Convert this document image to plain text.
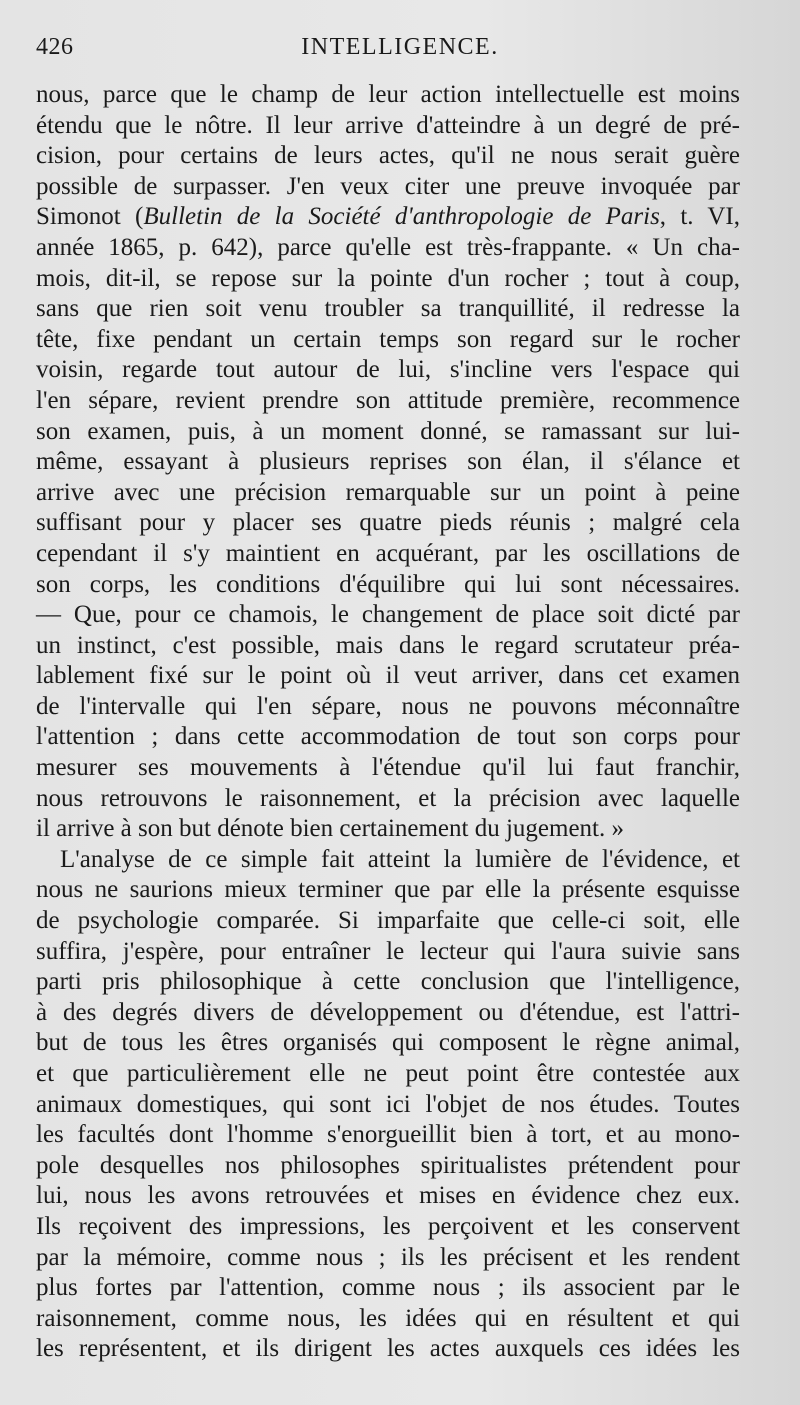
426	INTELLIGENCE.
nous, parce que le champ de leur action intellectuelle est moins
étendu que le nôtre. Il leur arrive d'atteindre à un degré de pré-
cision, pour certains de leurs actes, qu'il ne nous serait guère
possible de surpasser. J'en veux citer une preuve invoquée par
Simonot (Bulletin de la Société d'anthropologie de Paris, t. VI,
année 1865, p. 642), parce qu'elle est très-frappante. « Un cha-
mois, dit-il, se repose sur la pointe d'un rocher ; tout à coup,
sans que rien soit venu troubler sa tranquillité, il redresse la
tête, fixe pendant un certain temps son regard sur le rocher
voisin, regarde tout autour de lui, s'incline vers l'espace qui
l'en sépare, revient prendre son attitude première, recommence
son examen, puis, à un moment donné, se ramassant sur lui-
même, essayant à plusieurs reprises son élan, il s'élance et
arrive avec une précision remarquable sur un point à peine
suffisant pour y placer ses quatre pieds réunis ; malgré cela
cependant il s'y maintient en acquérant, par les oscillations de
son corps, les conditions d'équilibre qui lui sont nécessaires.
— Que, pour ce chamois, le changement de place soit dicté par
un instinct, c'est possible, mais dans le regard scrutateur préa-
lablement fixé sur le point où il veut arriver, dans cet examen
de l'intervalle qui l'en sépare, nous ne pouvons méconnaître
l'attention ; dans cette accommodation de tout son corps pour
mesurer ses mouvements à l'étendue qu'il lui faut franchir,
nous retrouvons le raisonnement, et la précision avec laquelle
il arrive à son but dénote bien certainement du jugement. »
L'analyse de ce simple fait atteint la lumière de l'évidence, et
nous ne saurions mieux terminer que par elle la présente esquisse
de psychologie comparée. Si imparfaite que celle-ci soit, elle
suffira, j'espère, pour entraîner le lecteur qui l'aura suivie sans
parti pris philosophique à cette conclusion que l'intelligence,
à des degrés divers de développement ou d'étendue, est l'attri-
but de tous les êtres organisés qui composent le règne animal,
et que particulièrement elle ne peut point être contestée aux
animaux domestiques, qui sont ici l'objet de nos études. Toutes
les facultés dont l'homme s'enorgueillit bien à tort, et au mono-
pole desquelles nos philosophes spiritualistes prétendent pour
lui, nous les avons retrouvées et mises en évidence chez eux.
Ils reçoivent des impressions, les perçoivent et les conservent
par la mémoire, comme nous ; ils les précisent et les rendent
plus fortes par l'attention, comme nous ; ils associent par le
raisonnement, comme nous, les idées qui en résultent et qui
les représentent, et ils dirigent les actes auxquels ces idées les
